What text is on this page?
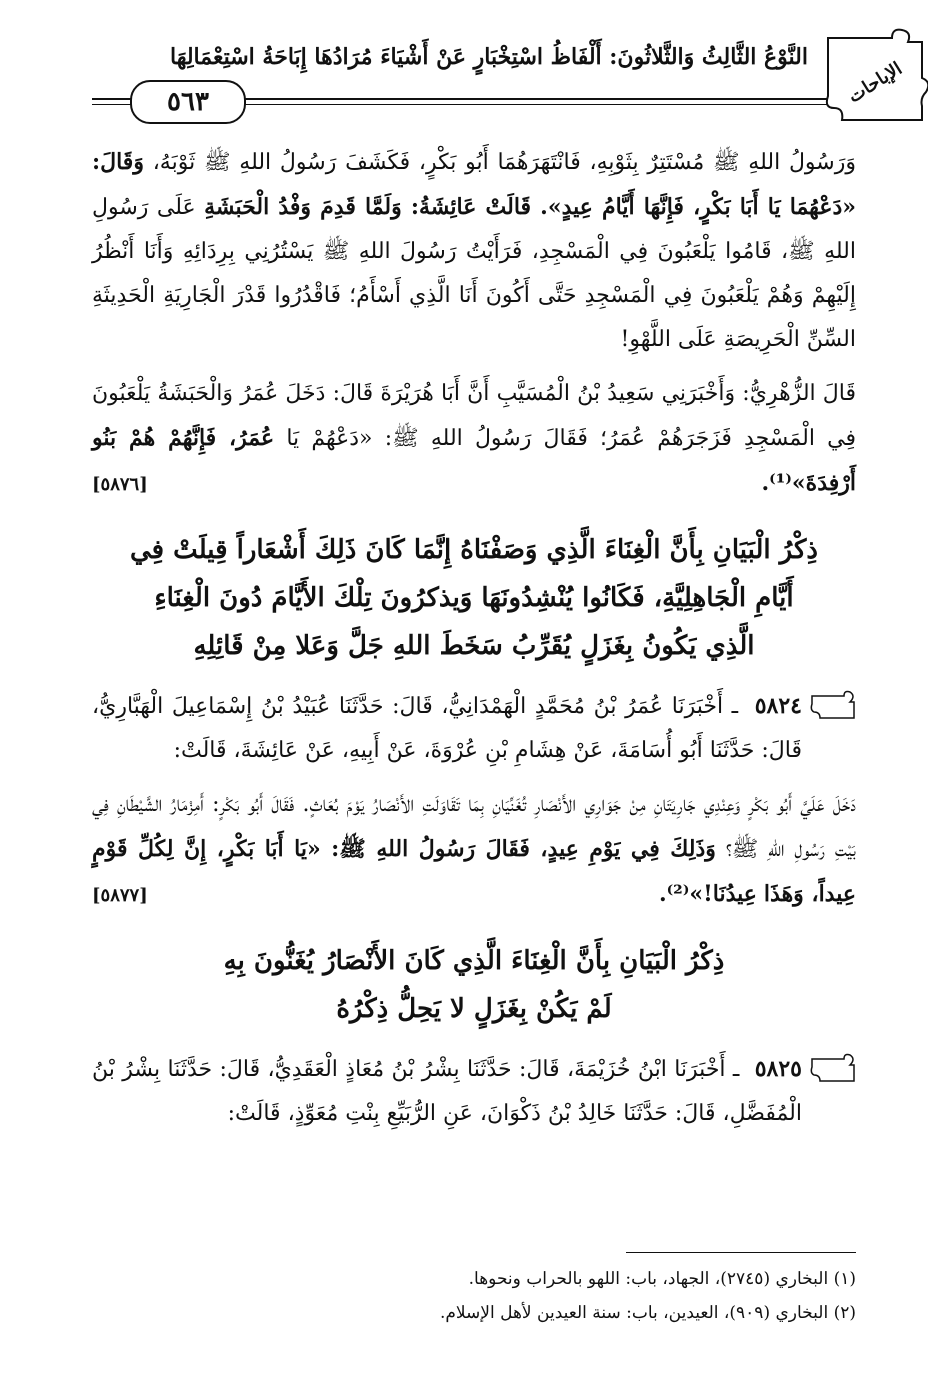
النَّوْعُ الثَّالِثُ وَالثَّلاثُونَ: أَلْفَاظُ اسْتِخْبَارٍ عَنْ أَشْيَاءَ مُرَادُهَا إِبَاحَةُ اسْتِعْمَالِهَا
٥٦٣	الإباحات

وَرَسُولُ اللهِ ﷺ مُسْتَتِرٌ بِثَوْبِهِ، فَانْتَهَرَهُمَا أَبُو بَكْرٍ، فَكَشَفَ رَسُولُ اللهِ ﷺ ثَوْبَهُ، وَقَالَ: «دَعْهُمَا يَا أَبَا بَكْرٍ، فَإِنَّهَا أَيَّامُ عِيدٍ». قَالَتْ عَائِشَةُ: وَلَمَّا قَدِمَ وَفْدُ الْحَبَشَةِ عَلَى رَسُولِ اللهِ ﷺ، قَامُوا يَلْعَبُونَ فِي الْمَسْجِدِ، فَرَأَيْتُ رَسُولَ اللهِ ﷺ يَسْتُرُنِي بِرِدَائِهِ وَأَنَا أَنْظُرُ إِلَيْهِمْ وَهُمْ يَلْعَبُونَ فِي الْمَسْجِدِ حَتَّى أَكُونَ أَنَا الَّذِي أَسْأَمُ؛ فَاقْدُرُوا قَدْرَ الْجَارِيَةِ الْحَدِيثَةِ السِّنِّ الْحَرِيصَةِ عَلَى اللَّهْوِ!

قَالَ الزُّهْرِيُّ: وَأَخْبَرَنِي سَعِيدُ بْنُ الْمُسَيَّبِ أَنَّ أَبَا هُرَيْرَةَ قَالَ: دَخَلَ عُمَرُ وَالْحَبَشَةُ يَلْعَبُونَ فِي الْمَسْجِدِ فَزَجَرَهُمْ عُمَرُ؛ فَقَالَ رَسُولُ اللهِ ﷺ: «دَعْهُمْ يَا عُمَرُ، فَإِنَّهُمْ هُمْ بَنُو أَرْفِدَةَ»⁽¹⁾.
[٥٨٧٦]

ذِكْرُ الْبَيَانِ بِأَنَّ الْغِنَاءَ الَّذِي وَصَفْنَاهُ إِنَّمَا كَانَ ذَلِكَ أَشْعَاراً قِيلَتْ فِي
أَيَّامِ الْجَاهِلِيَّةِ، فَكَانُوا يُنْشِدُونَهَا وَيذكرُونَ تِلْكَ الأَيَّامَ دُونَ الْغِنَاءِ
الَّذِي يَكُونُ بِغَزَلٍ يُقَرِّبُ سَخَطَ اللهِ جَلَّ وَعَلا مِنْ قَائِلِهِ

٥٨٢٤ ـ أَخْبَرَنَا عُمَرُ بْنُ مُحَمَّدٍ الْهَمْدَانِيُّ، قَالَ: حَدَّثَنَا عُبَيْدُ بْنُ إِسْمَاعِيلَ الْهَبَّارِيُّ، قَالَ: حَدَّثَنَا أَبُو أُسَامَةَ، عَنْ هِشَامِ بْنِ عُرْوَةَ، عَنْ أَبِيهِ، عَنْ عَائِشَةَ، قَالَتْ:

دَخَلَ عَلَيَّ أَبُو بَكْرٍ وَعِنْدِي جَارِيَتَانِ مِنْ جَوَارِي الأَنْصَارِ تُغَنِّيَانِ بِمَا تَقَاوَلَتِ الأَنْصَارُ يَوْمَ بُعَاثٍ. فَقَالَ أَبُو بَكْرٍ: أَمِزْمَارُ الشَّيْطَانِ فِي بَيْتِ رَسُولِ اللهِ ﷺ؟ وَذَلِكَ فِي يَوْمِ عِيدٍ، فَقَالَ رَسُولُ اللهِ ﷺ: «يَا أَبَا بَكْرٍ، إِنَّ لِكُلِّ قَوْمٍ عِيداً، وَهَذَا عِيدُنَا!»⁽²⁾.
[٥٨٧٧]

ذِكْرُ الْبَيَانِ بِأَنَّ الْغِنَاءَ الَّذِي كَانَ الأَنْصَارُ يُغَنُّونَ بِهِ
لَمْ يَكُنْ بِغَزَلٍ لا يَحِلُّ ذِكْرُهُ

٥٨٢٥ ـ أَخْبَرَنَا ابْنُ خُزَيْمَةَ، قَالَ: حَدَّثَنَا بِشْرُ بْنُ مُعَاذٍ الْعَقَدِيُّ، قَالَ: حَدَّثَنَا بِشْرُ بْنُ الْمُفَضَّلِ، قَالَ: حَدَّثَنَا خَالِدُ بْنُ ذَكْوَانَ، عَنِ الرُّبَيِّعِ بِنْتِ مُعَوِّذٍ، قَالَتْ:

(١) البخاري (٢٧٤٥)، الجهاد، باب: اللهو بالحراب ونحوها.

(٢) البخاري (٩٠٩)، العيدين، باب: سنة العيدين لأهل الإسلام.
